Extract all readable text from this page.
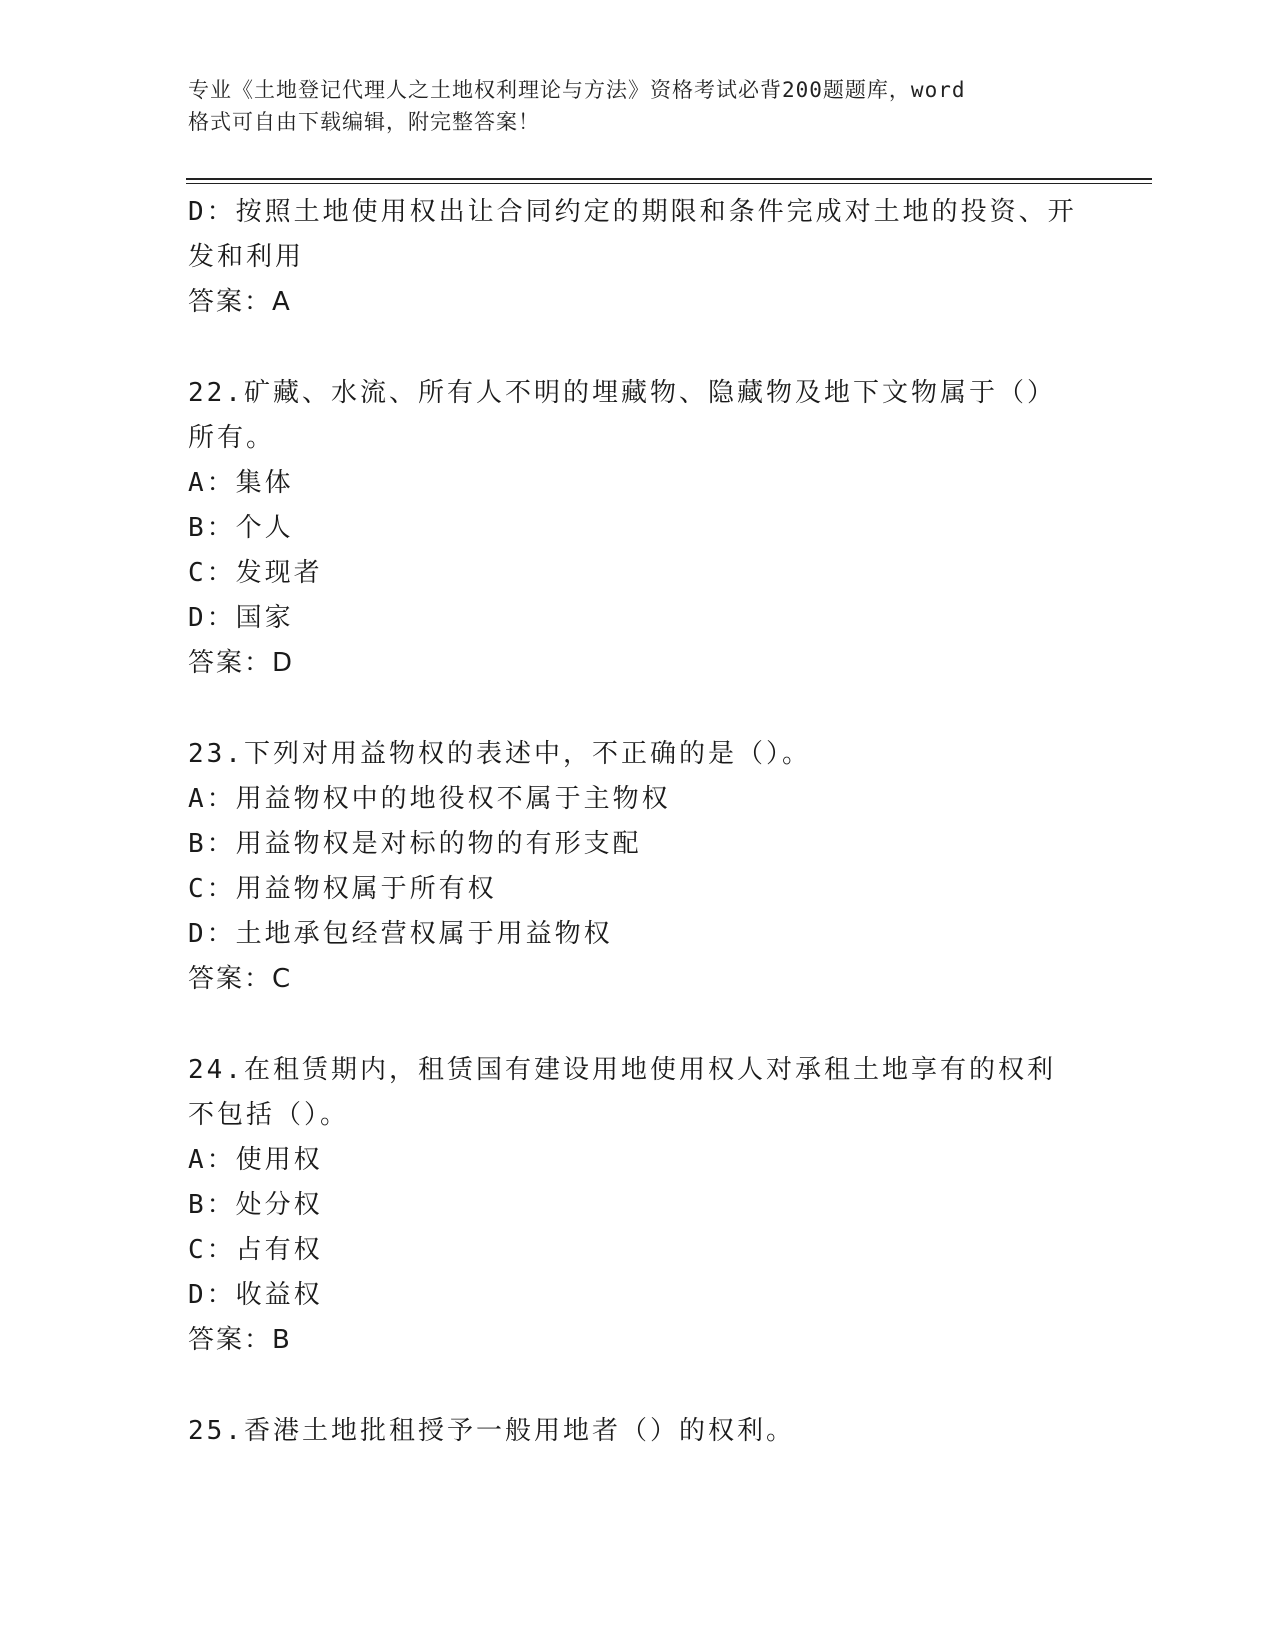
专业《土地登记代理人之土地权利理论与方法》资格考试必背200题题库，word
格式可自由下载编辑，附完整答案！

D：按照土地使用权出让合同约定的期限和条件完成对土地的投资、开发和利用

答案：A

22.矿藏、水流、所有人不明的埋藏物、隐藏物及地下文物属于（）所有。

A：集体

B：个人

C：发现者

D：国家

答案：D

23.下列对用益物权的表述中，不正确的是（）。

A：用益物权中的地役权不属于主物权

B：用益物权是对标的物的有形支配

C：用益物权属于所有权

D：土地承包经营权属于用益物权

答案：C

24.在租赁期内，租赁国有建设用地使用权人对承租土地享有的权利不包括（）。

A：使用权

B：处分权

C：占有权

D：收益权

答案：B

25.香港土地批租授予一般用地者（）的权利。
